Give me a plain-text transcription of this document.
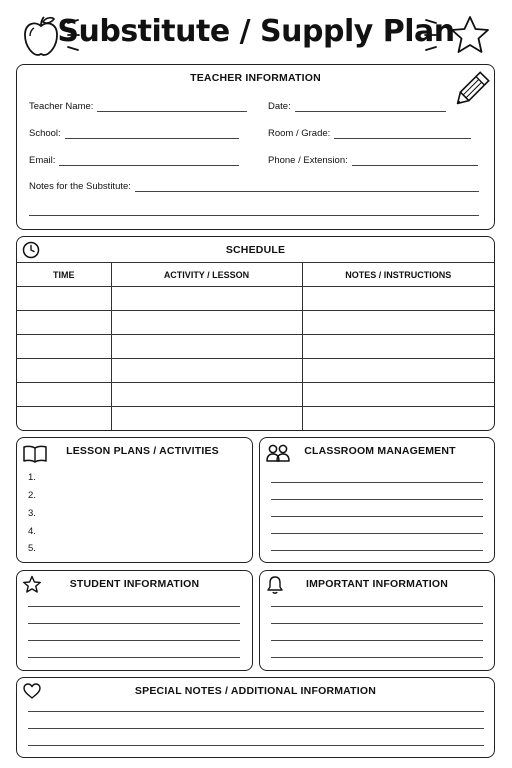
Substitute / Supply Plan
TEACHER INFORMATION
Teacher Name:	Date:
School:	Room / Grade:
Email:	Phone / Extension:
Notes for the Substitute:
SCHEDULE
TIME	ACTIVITY / LESSON	NOTES / INSTRUCTIONS

LESSON PLANS / ACTIVITIES
1.
2.
3.
4.
5.
CLASSROOM MANAGEMENT
STUDENT INFORMATION	IMPORTANT INFORMATION
SPECIAL NOTES / ADDITIONAL INFORMATION
